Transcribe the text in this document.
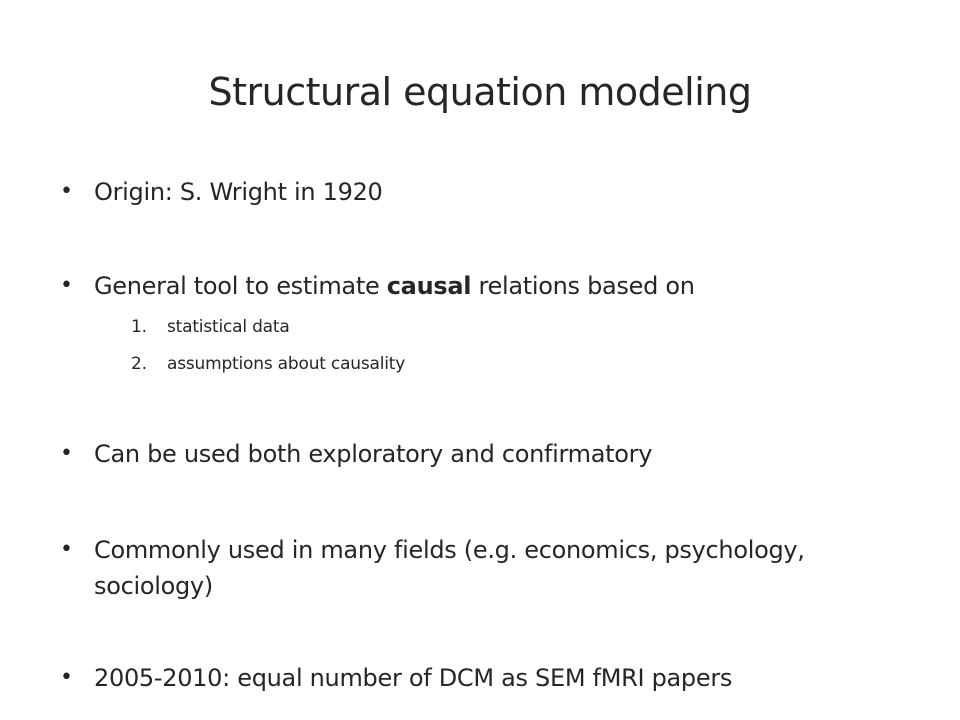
Structural equation modeling
• Origin: S. Wright in 1920
• General tool to estimate causal relations based on
1. statistical data
2. assumptions about causality
• Can be used both exploratory and confirmatory
• Commonly used in many fields (e.g. economics, psychology,
sociology)
• 2005-2010: equal number of DCM as SEM fMRI papers
